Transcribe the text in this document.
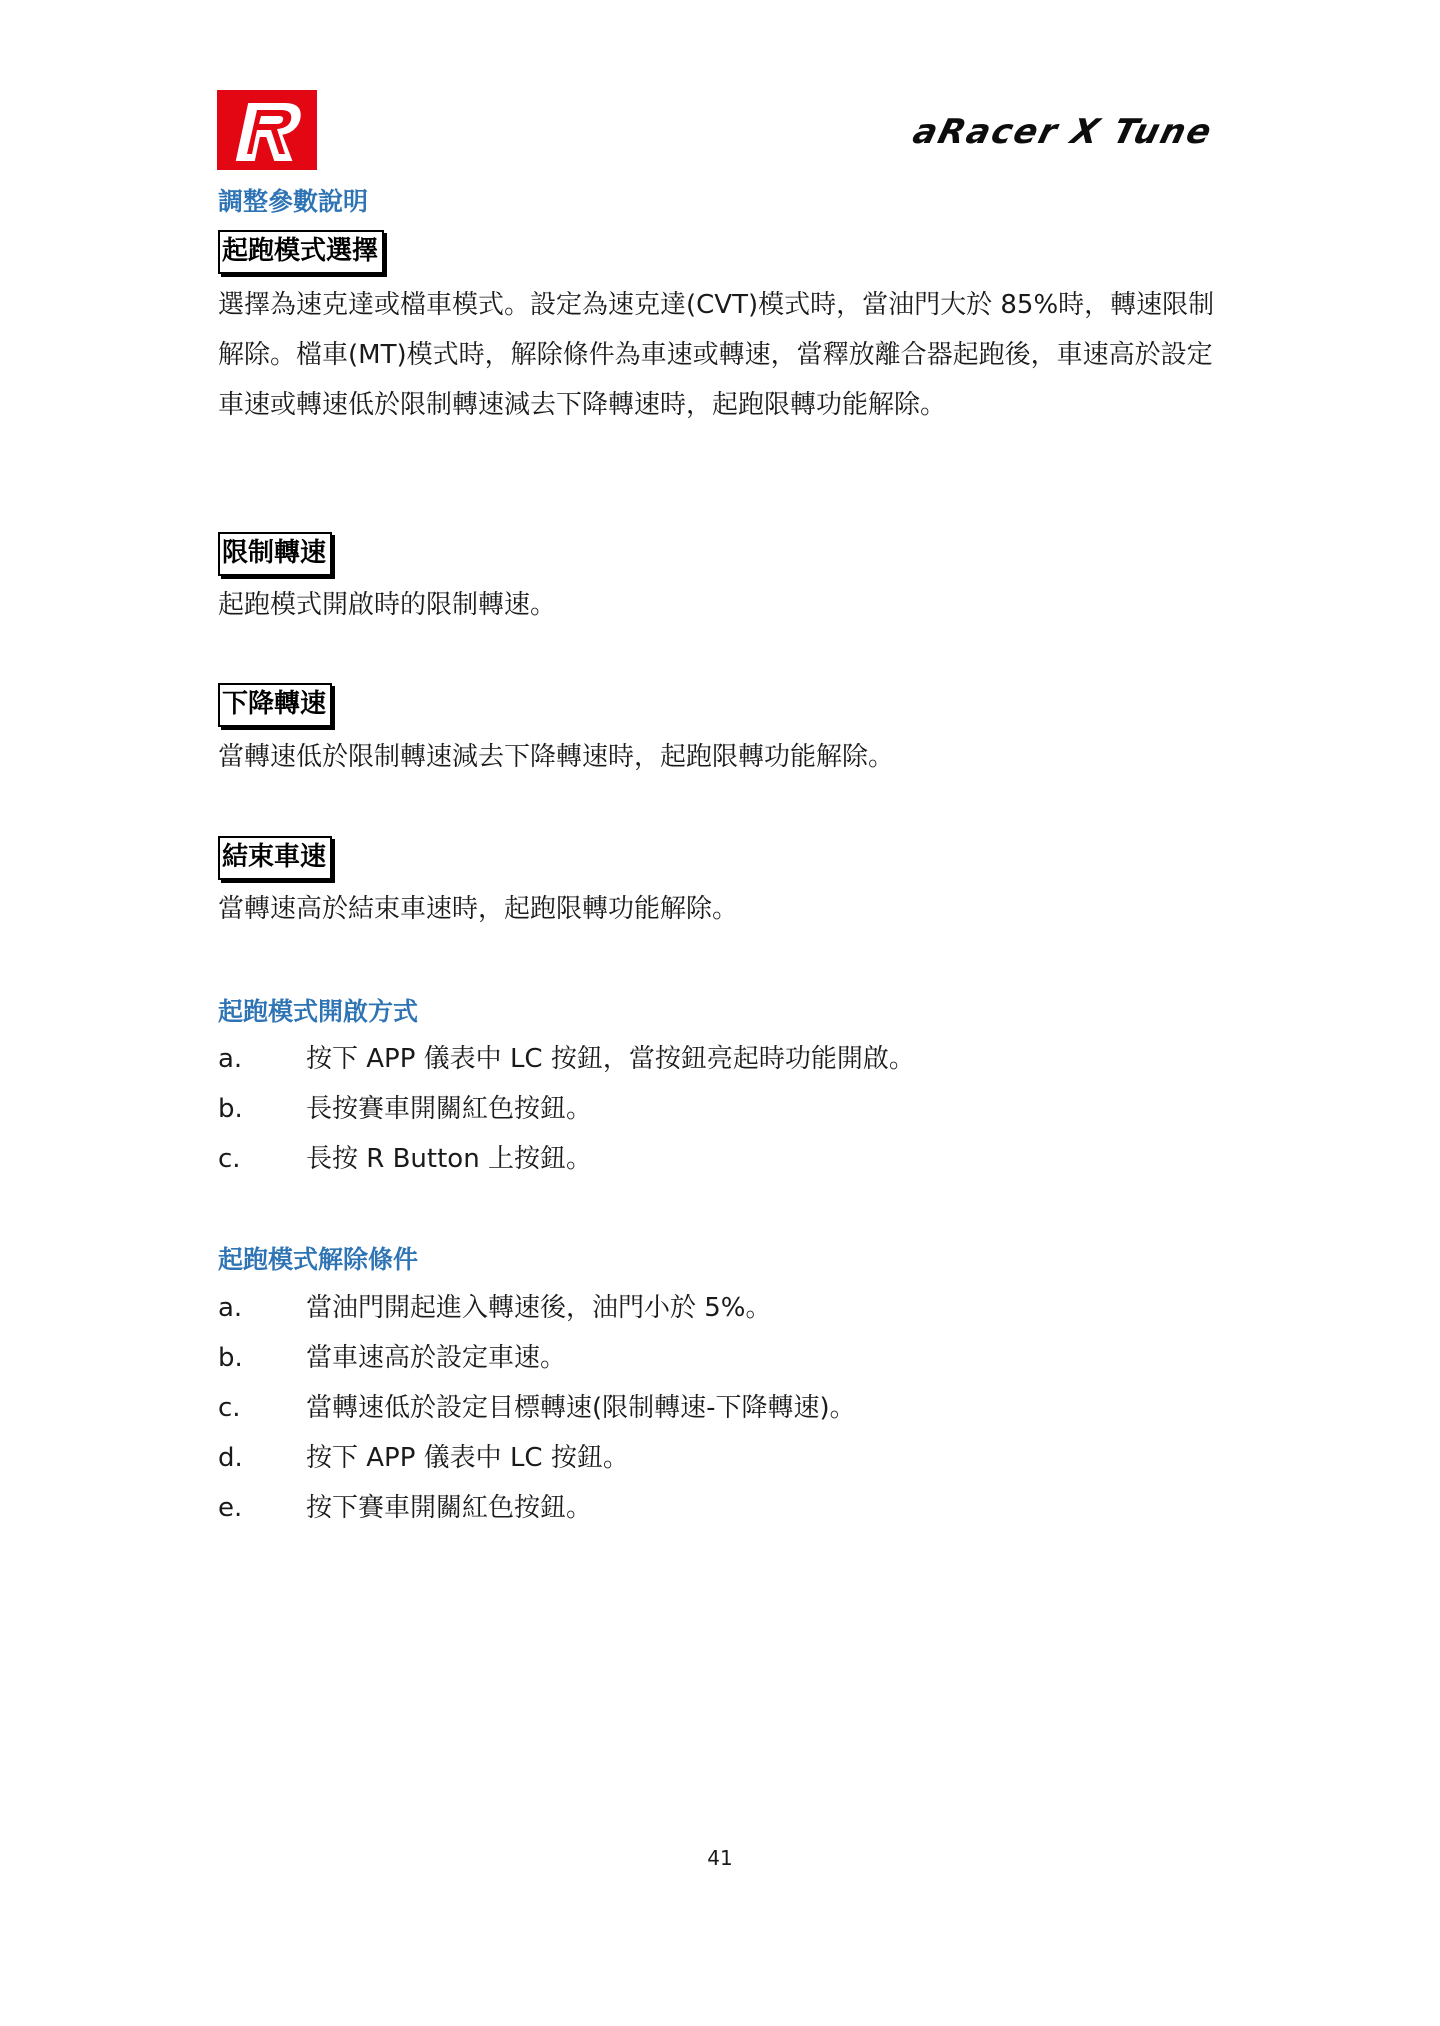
aRacer X Tune
調整參數說明
起跑模式選擇
選擇為速克達或檔車模式。設定為速克達(CVT)模式時，當油門大於 85%時，轉速限制解除。檔車(MT)模式時，解除條件為車速或轉速，當釋放離合器起跑後，車速高於設定車速或轉速低於限制轉速減去下降轉速時，起跑限轉功能解除。
限制轉速
起跑模式開啟時的限制轉速。
下降轉速
當轉速低於限制轉速減去下降轉速時，起跑限轉功能解除。
結束車速
當轉速高於結束車速時，起跑限轉功能解除。
起跑模式開啟方式
a. 按下 APP 儀表中 LC 按鈕，當按鈕亮起時功能開啟。
b. 長按賽車開關紅色按鈕。
c.	長按 R Button 上按鈕。
起跑模式解除條件
a. 當油門開起進入轉速後，油門小於 5%。
b. 當車速高於設定車速。
c.	當轉速低於設定目標轉速(限制轉速-下降轉速)。
d. 按下 APP 儀表中 LC 按鈕。
e. 按下賽車開關紅色按鈕。
41
